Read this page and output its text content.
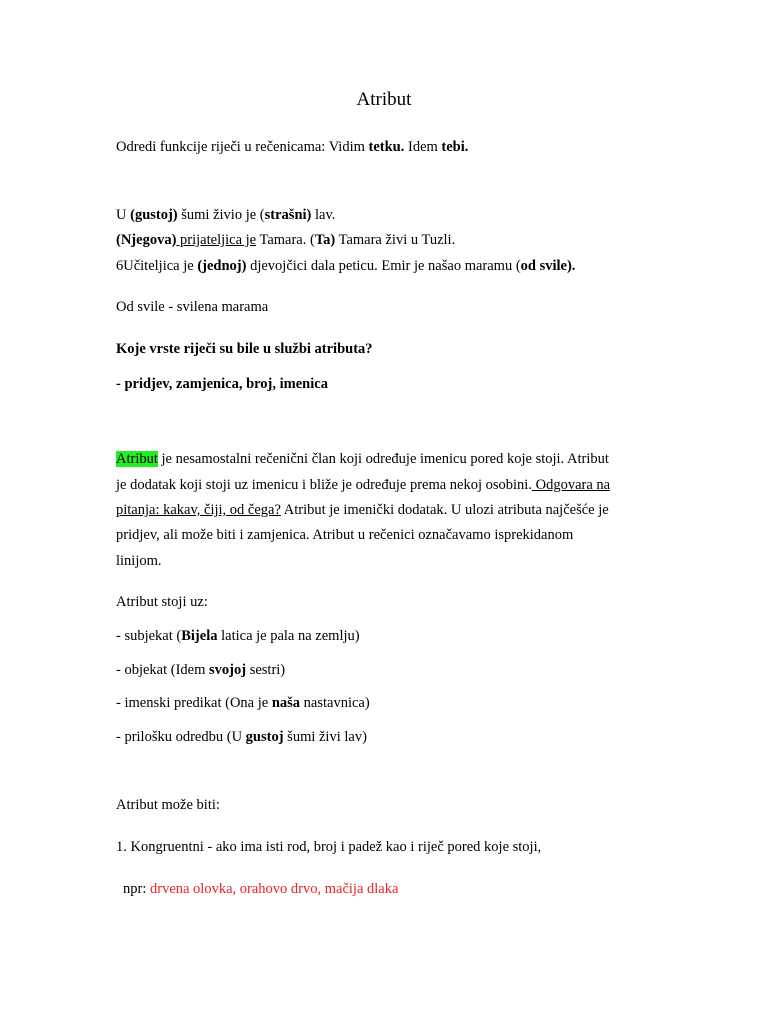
Atribut
Odredi funkcije riječi u rečenicama: Vidim tetku. Idem tebi.
U (gustoj) šumi živio je (strašni) lav.
(Njegova) prijateljica je Tamara. (Ta) Tamara živi u Tuzli.
6Učiteljica je (jednoj) djevojčici dala peticu. Emir je našao maramu (od svile).
Od svile - svilena marama
Koje vrste riječi su bile u službi atributa?
- pridjev, zamjenica, broj, imenica
Atribut je nesamostalni rečenični član koji određuje imenicu pored koje stoji. Atribut
je dodatak koji stoji uz imenicu i bliže je određuje prema nekoj osobini. Odgovara na
pitanja: kakav, čiji, od čega? Atribut je imenički dodatak. U ulozi atributa najčešće je
pridjev, ali može biti i zamjenica. Atribut u rečenici označavamo isprekidanom
linijom.
Atribut stoji uz:
- subjekat (Bijela latica je pala na zemlju)
- objekat (Idem svojoj sestri)
- imenski predikat (Ona je naša nastavnica)
- prilošku odredbu (U gustoj šumi živi lav)
Atribut može biti:
1. Kongruentni - ako ima isti rod, broj i padež kao i riječ pored koje stoji,
npr: drvena olovka, orahovo drvo, mačija dlaka
